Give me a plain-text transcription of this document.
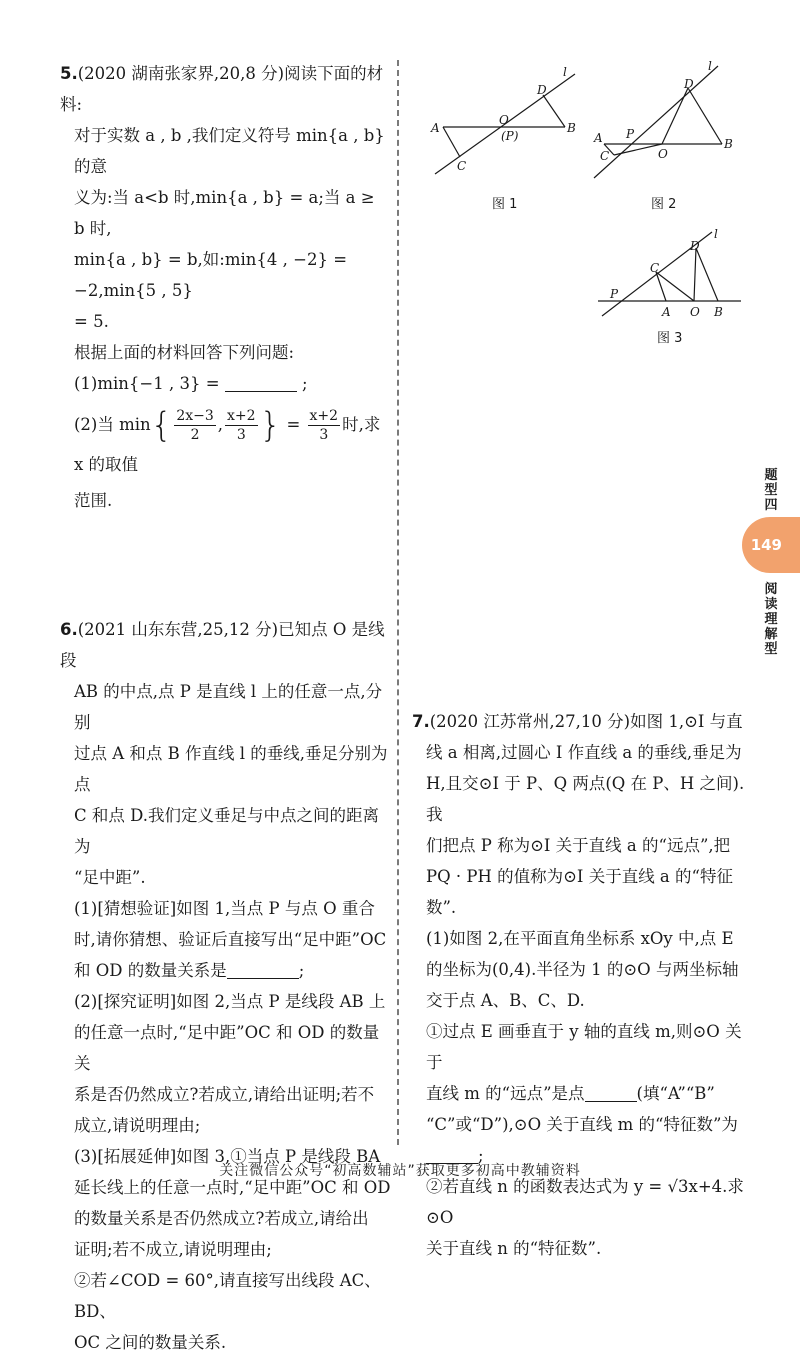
5.(2020 湖南张家界,20,8 分)阅读下面的材料:

对于实数 a , b ,我们定义符号 min{a , b} 的意

义为:当 a<b 时,min{a , b} = a;当 a ≥ b 时,

min{a , b} = b,如:min{4 , −2} = −2,min{5 , 5}

= 5.

根据上面的材料回答下列问题:

(1)min{−1 , 3} =	;

(2)当 $\min\{ \frac{2x-3}{2}$ , $\frac{x+2}{3}$ } = $\frac{x+2}{3}$ 时,求 x 的取值

范围.

A	B
C
D
O
(P)
l
图 1
A	B
C
D
O
P
l
图 2
A	B
C
D
O
P
l
图 3

6.(2021 山东东营,25,12 分)已知点 O 是线段

AB 的中点,点 P 是直线 l 上的任意一点,分别

过点 A 和点 B 作直线 l 的垂线,垂足分别为点

C 和点 D.我们定义垂足与中点之间的距离为

“足中距”.

(1)[猜想验证]如图 1,当点 P 与点 O 重合

时,请你猜想、验证后直接写出“足中距”OC

和 OD 的数量关系是	;

(2)[探究证明]如图 2,当点 P 是线段 AB 上

的任意一点时,“足中距”OC 和 OD 的数量关

系是否仍然成立?若成立,请给出证明;若不

成立,请说明理由;

(3)[拓展延伸]如图 3,①当点 P 是线段 BA

延长线上的任意一点时,“足中距”OC 和 OD

的数量关系是否仍然成立?若成立,请给出

证明;若不成立,请说明理由;

②若∠COD = 60°,请直接写出线段 AC、BD、

OC 之间的数量关系.

7.(2020 江苏常州,27,10 分)如图 1,⊙I 与直

线 a 相离,过圆心 I 作直线 a 的垂线,垂足为

H,且交⊙I 于 P、Q 两点(Q 在 P、H 之间).我

们把点 P 称为⊙I 关于直线 a 的“远点”,把

PQ · PH 的值称为⊙I 关于直线 a 的“特征

数”.

(1)如图 2,在平面直角坐标系 xOy 中,点 E

的坐标为(0,4).半径为 1 的⊙O 与两坐标轴

交于点 A、B、C、D.

①过点 E 画垂直于 y 轴的直线 m,则⊙O 关于

直线 m 的“远点”是点	(填“A”“B”

“C”或“D”),⊙O 关于直线 m 的“特征数”为

;

②若直线 n 的函数表达式为 y = √3x+4.求⊙O

关于直线 n 的“特征数”.

题型四
149
阅读理解型
关注微信公众号“初高数辅站”获取更多初高中教辅资料
